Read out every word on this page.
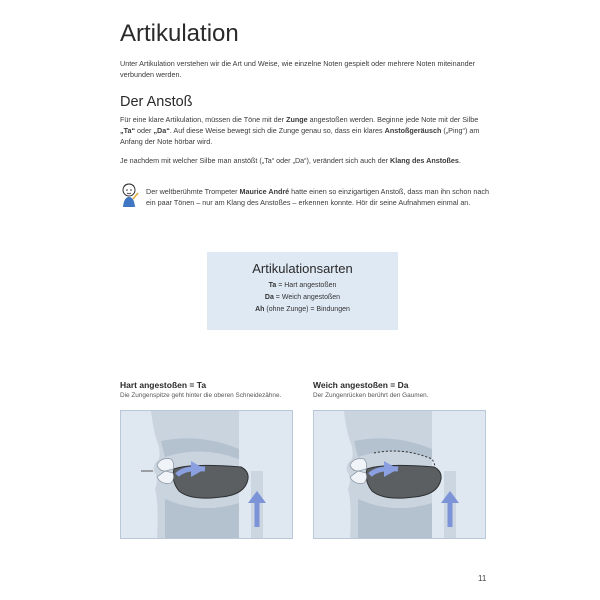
Artikulation

Unter Artikulation verstehen wir die Art und Weise, wie einzelne Noten gespielt oder mehrere Noten miteinander verbunden werden.

Der Anstoß

Für eine klare Artikulation, müssen die Töne mit der Zunge angestoßen werden. Beginne jede Note mit der Silbe „Ta“ oder „Da“. Auf diese Weise bewegt sich die Zunge genau so, dass ein klares Anstoßgeräusch („Ping“) am Anfang der Note hörbar wird.

Je nachdem mit welcher Silbe man anstößt („Ta“ oder „Da“), verändert sich auch der Klang des Anstoßes.

Der weltberühmte Trompeter Maurice André hatte einen so einzigartigen Anstoß, dass man ihn schon nach ein paar Tönen – nur am Klang des Anstoßes – erkennen konnte. Hör dir seine Aufnahmen einmal an.

Artikulationsarten
Ta = Hart angestoßen
Da = Weich angestoßen
Ah (ohne Zunge) = Bindungen
Hart angestoßen = Ta

Die Zungenspitze geht hinter die oberen Schneidezähne.

Weich angestoßen = Da

Der Zungenrücken berührt den Gaumen.

11
